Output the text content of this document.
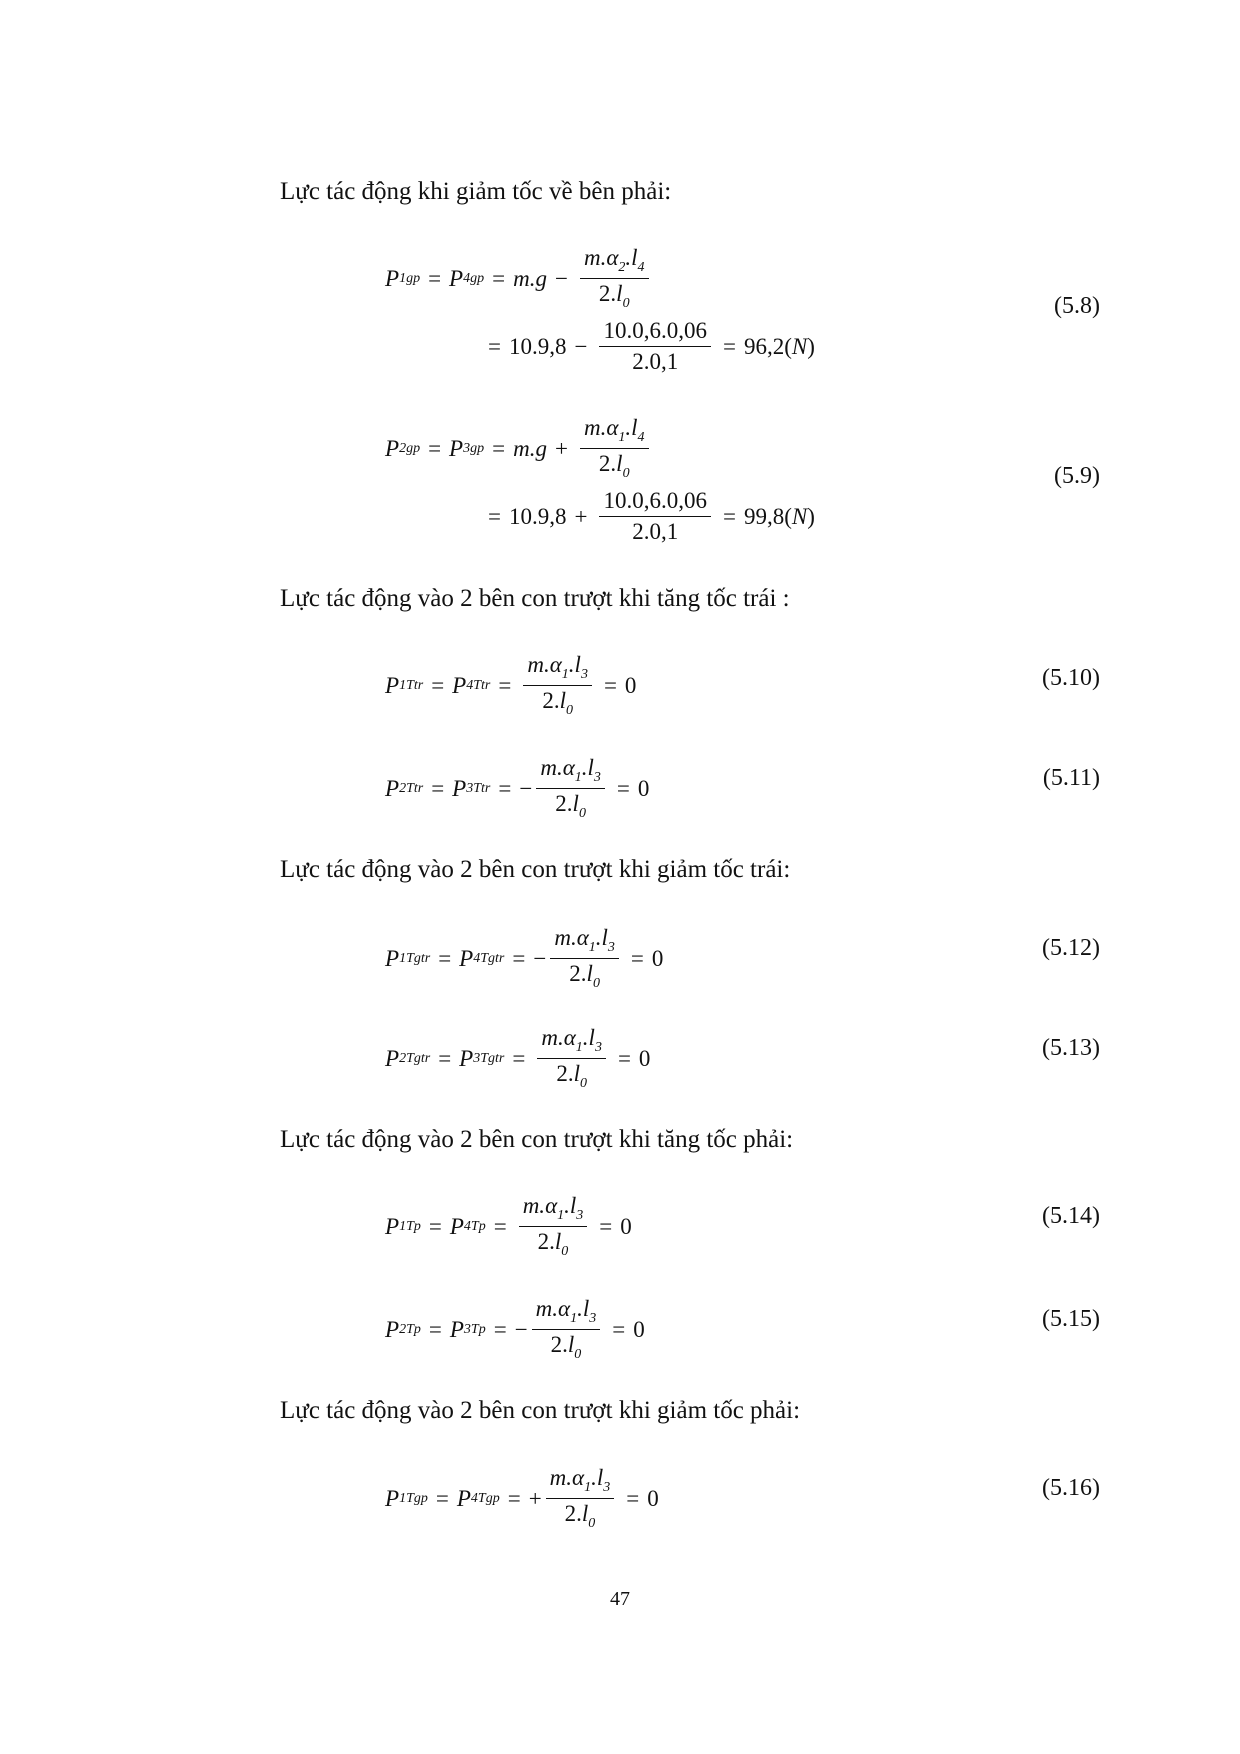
Lực tác động khi giảm tốc về bên phải:
P 1gp = P $4gp = m.g - \frac{m.\alpha_2.l_4}{2.l_0}$
= $10.9,8 - \frac{10.0,6.0,06}{2.0,1} = 96,2$ ( N )
(5.8)
P 2gp = P $3gp = m.g + \frac{m.\alpha_1.l_4}{2.l_0}$
= $10.9,8 + \frac{10.0,6.0,06}{2.0,1} = 99,8$ ( N )
(5.9)
Lực tác động vào 2 bên con trượt khi tăng tốc trái :
P 1Ttr = P $4Ttr = \frac{m.\alpha_1.l_3}{2.l_0} = 0$	(5.10)
P 2Ttr = P 3Ttr = − $\frac{m.\alpha_1.l_3}{2.l_0} = 0$	(5.11)
Lực tác động vào 2 bên con trượt khi giảm tốc trái:
P 1Tgtr = P 4Tgtr = − $\frac{m.\alpha_1.l_3}{2.l_0} = 0$	(5.12)
P 2Tgtr = P 3Tgtr = $\frac{m.\alpha_1.l_3}{2.l_0} = 0$	(5.13)
Lực tác động vào 2 bên con trượt khi tăng tốc phải:
P 1Tp = P $4Tp = \frac{m.\alpha_1.l_3}{2.l_0} = 0$	(5.14)
P 2Tp = P 3Tp = − $\frac{m.\alpha_1.l_3}{2.l_0} = 0$	(5.15)
Lực tác động vào 2 bên con trượt khi giảm tốc phải:
P 1Tgp = P 4Tgp = + $\frac{m.\alpha_1.l_3}{2.l_0} = 0$	(5.16)
47
